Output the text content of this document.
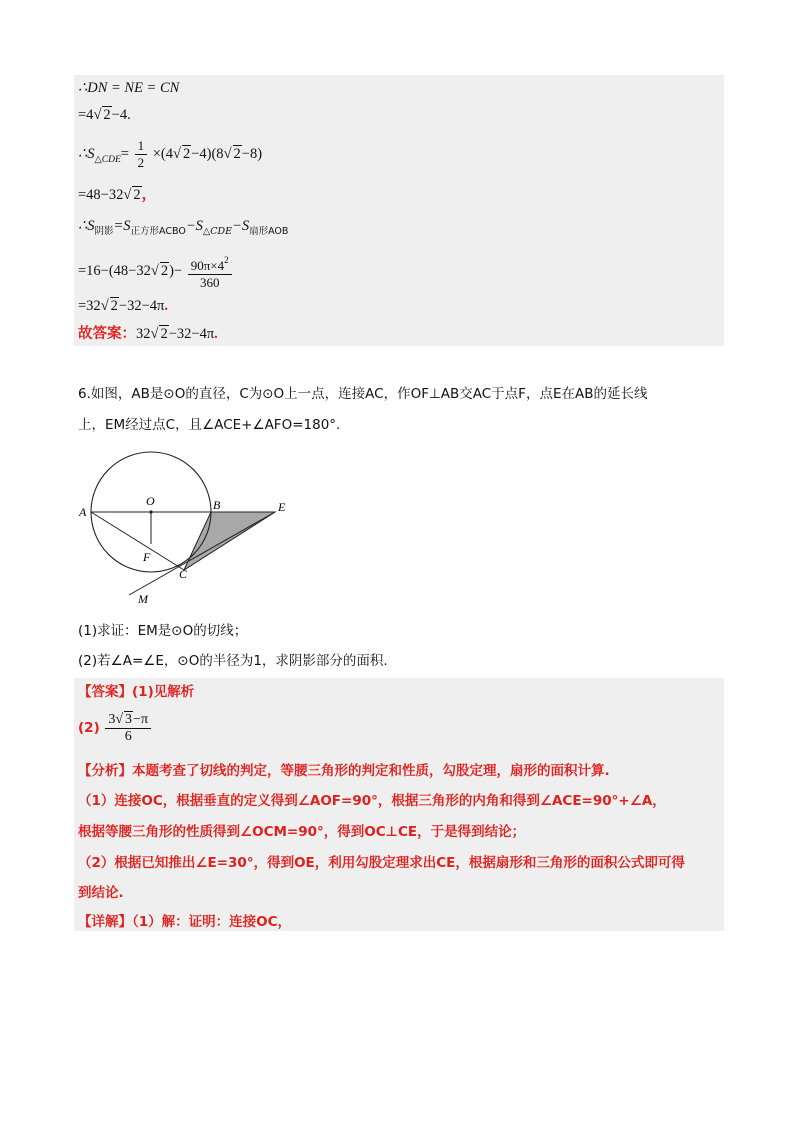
∴DN = NE = CN
=4√ 2−4.
$\therefore S_{\triangle CDE}= \frac{1}{2} \times(4√$ 2−4)(8√ 2−8)
=48−32√ 2，
$\therefore S_{阴影}=S_{正方形ACBO}-S_{\triangle CDE}-S_{扇形AOB}$
=16−(48−32√ $2)- \frac{90\pi\times 4^2}{360}$
=32√ 2−32−4π.
故答案：32√ 2−32−4π.
6.如图，AB是⊙O的直径，C为⊙O上一点，连接AC，作OF⊥AB交AC于点F，点E在AB的延长线
上，EM经过点C，且∠ACE+∠AFO=180°.
O	B	E
A
F
C
M
(1)求证：EM是⊙O的切线；
(2)若∠A=∠E，⊙O的半径为1，求阴影部分的面积.
【答案】(1)见解析
$(2) \frac{3√ 3-\pi}{6}$
【分析】本题考查了切线的判定，等腰三角形的判定和性质，勾股定理，扇形的面积计算.
（1）连接OC，根据垂直的定义得到∠AOF=90°，根据三角形的内角和得到∠ACE=90°+∠A，
根据等腰三角形的性质得到∠OCM=90°，得到OC⊥CE，于是得到结论；
（2）根据已知推出∠E=30°，得到OE，利用勾股定理求出CE，根据扇形和三角形的面积公式即可得
到结论.
【详解】（1）解：证明：连接OC，
